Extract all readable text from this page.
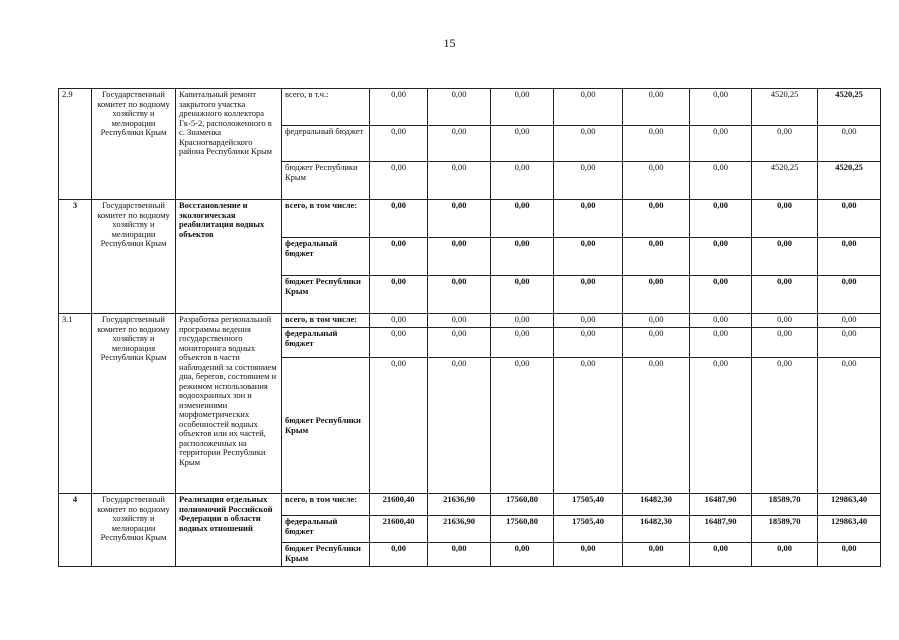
15
2.9	Государственный комитет по водному хозяйству и мелиорации Республики Крым	Капитальный ремонт закрытого участка дренажного коллектора Гк-5-2, расположенного в с. Знаменка Красногвардейского района Республики Крым	всего, в т.ч.:	0,00	0,00	0,00	0,00	0,00	0,00	4520,25	4520,25
			федеральный бюджет	0,00	0,00	0,00	0,00	0,00	0,00	0,00	0,00
			бюджет Республики Крым	0,00	0,00	0,00	0,00	0,00	0,00	4520,25	4520,25
3	Государственный комитет по водному хозяйству и мелиорации Республики Крым	Восстановление и экологическая реабилитация водных объектов	всего, в том числе:	0,00	0,00	0,00	0,00	0,00	0,00	0,00	0,00
			федеральный бюджет	0,00	0,00	0,00	0,00	0,00	0,00	0,00	0,00
			бюджет Республики Крым	0,00	0,00	0,00	0,00	0,00	0,00	0,00	0,00
3.1	Государственный комитет по водному хозяйству и мелиорация Республики Крым	Разработка региональной программы ведения государственного мониторинга водных объектов в части наблюдений за состоянием дна, берегов, состоянием и режимом использования водоохранных зон и изменениями морфометрических особенностей водных объектов или их частей, расположенных на территории Республики Крым	всего, в том числе:	0,00	0,00	0,00	0,00	0,00	0,00	0,00	0,00
			федеральный бюджет	0,00	0,00	0,00	0,00	0,00	0,00	0,00	0,00
			бюджет Республики Крым	0,00	0,00	0,00	0,00	0,00	0,00	0,00	0,00
4	Государственный комитет по водному хозяйству и мелиорации Республики Крым	Реализация отдельных полномочий Российской Федерации в области водных отношений	всего, в том числе:	21600,40	21636,90	17560,80	17505,40	16482,30	16487,90	18589,70	129863,40
			федеральный бюджет	21600,40	21636,90	17560,80	17505,40	16482,30	16487,90	18589,70	129863,40
			бюджет Республики Крым	0,00	0,00	0,00	0,00	0,00	0,00	0,00	0,00
